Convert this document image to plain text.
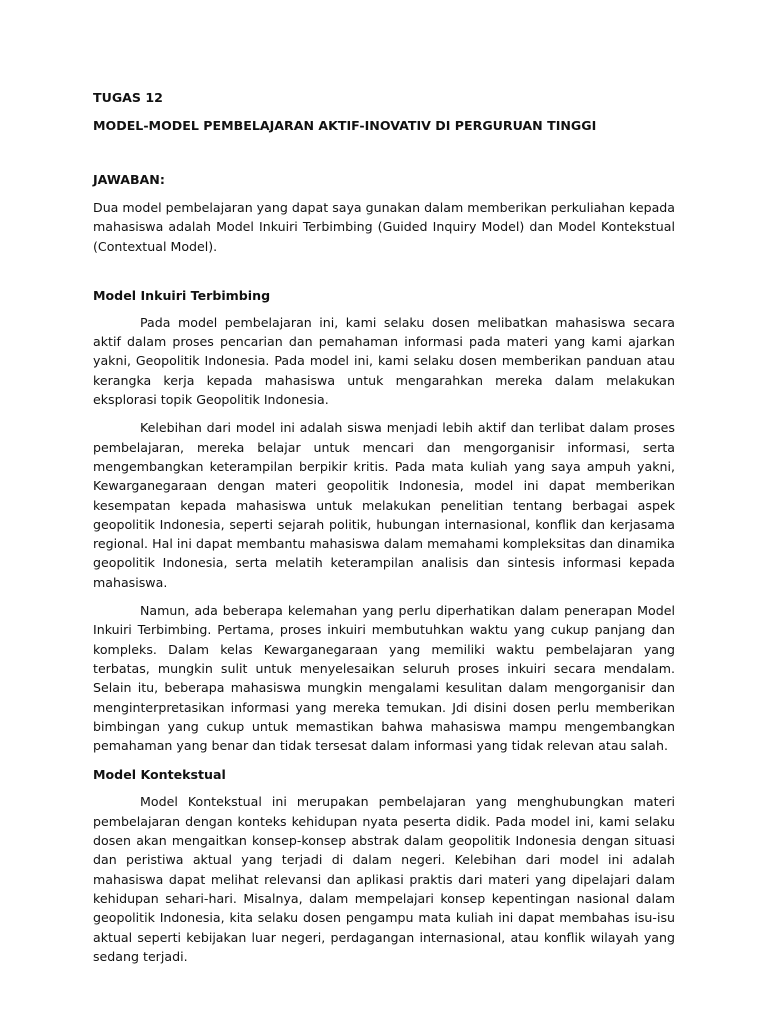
TUGAS 12

MODEL-MODEL PEMBELAJARAN AKTIF-INOVATIV DI PERGURUAN TINGGI

JAWABAN:

Dua model pembelajaran yang dapat saya gunakan dalam memberikan perkuliahan kepada mahasiswa adalah Model Inkuiri Terbimbing (Guided Inquiry Model) dan Model Kontekstual (Contextual Model).

Model Inkuiri Terbimbing

Pada model pembelajaran ini, kami selaku dosen melibatkan mahasiswa secara aktif dalam proses pencarian dan pemahaman informasi pada materi yang kami ajarkan yakni, Geopolitik Indonesia. Pada model ini, kami selaku dosen memberikan panduan atau kerangka kerja kepada mahasiswa untuk mengarahkan mereka dalam melakukan eksplorasi topik Geopolitik Indonesia.

Kelebihan dari model ini adalah siswa menjadi lebih aktif dan terlibat dalam proses pembelajaran, mereka belajar untuk mencari dan mengorganisir informasi, serta mengembangkan keterampilan berpikir kritis. Pada mata kuliah yang saya ampuh yakni, Kewarganegaraan dengan materi geopolitik Indonesia, model ini dapat memberikan kesempatan kepada mahasiswa untuk melakukan penelitian tentang berbagai aspek geopolitik Indonesia, seperti sejarah politik, hubungan internasional, konflik dan kerjasama regional. Hal ini dapat membantu mahasiswa dalam memahami kompleksitas dan dinamika geopolitik Indonesia, serta melatih keterampilan analisis dan sintesis informasi kepada mahasiswa.

Namun, ada beberapa kelemahan yang perlu diperhatikan dalam penerapan Model Inkuiri Terbimbing. Pertama, proses inkuiri membutuhkan waktu yang cukup panjang dan kompleks. Dalam kelas Kewarganegaraan yang memiliki waktu pembelajaran yang terbatas, mungkin sulit untuk menyelesaikan seluruh proses inkuiri secara mendalam. Selain itu, beberapa mahasiswa mungkin mengalami kesulitan dalam mengorganisir dan menginterpretasikan informasi yang mereka temukan. Jdi disini dosen perlu memberikan bimbingan yang cukup untuk memastikan bahwa mahasiswa mampu mengembangkan pemahaman yang benar dan tidak tersesat dalam informasi yang tidak relevan atau salah.

Model Kontekstual

Model Kontekstual ini merupakan pembelajaran yang menghubungkan materi pembelajaran dengan konteks kehidupan nyata peserta didik. Pada model ini, kami selaku dosen akan mengaitkan konsep-konsep abstrak dalam geopolitik Indonesia dengan situasi dan peristiwa aktual yang terjadi di dalam negeri. Kelebihan dari model ini adalah mahasiswa dapat melihat relevansi dan aplikasi praktis dari materi yang dipelajari dalam kehidupan sehari-hari. Misalnya, dalam mempelajari konsep kepentingan nasional dalam geopolitik Indonesia, kita selaku dosen pengampu mata kuliah ini dapat membahas isu-isu aktual seperti kebijakan luar negeri, perdagangan internasional, atau konflik wilayah yang sedang terjadi.
